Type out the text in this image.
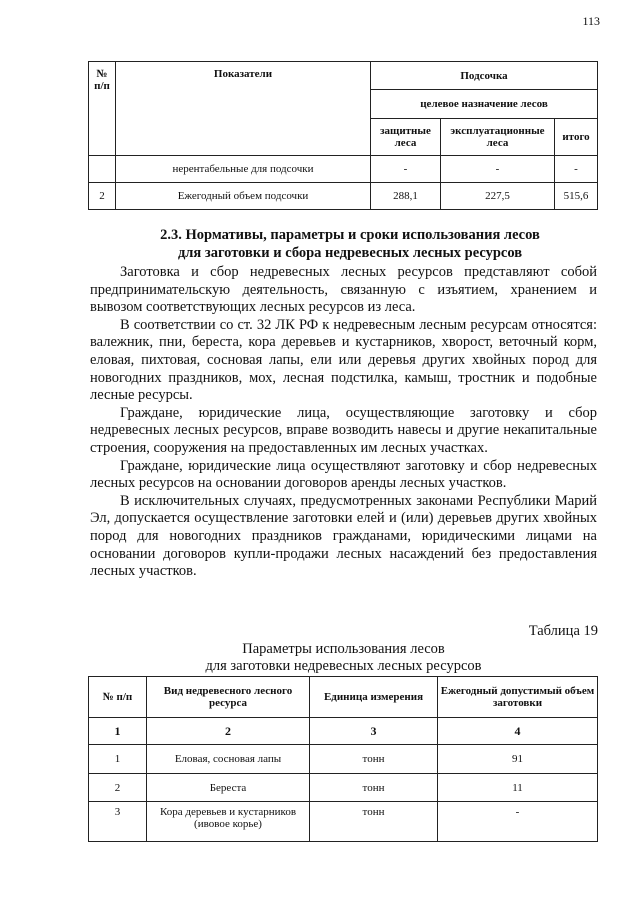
113
№ п/п	Показатели	Подсочка		
		целевое назначение лесов		
		защитные леса	эксплуатационные леса	итого
	нерентабельные для подсочки	-	-	-
2	Ежегодный объем подсочки	288,1	227,5	515,6
2.3. Нормативы, параметры и сроки использования лесов
для заготовки и сбора недревесных лесных ресурсов

Заготовка и сбор недревесных лесных ресурсов представляют собой предпринимательскую деятельность, связанную с изъятием, хранением и вывозом соответствующих лесных ресурсов из леса.

В соответствии со ст. 32 ЛК РФ к недревесным лесным ресурсам относятся: валежник, пни, береста, кора деревьев и кустарников, хворост, веточный корм, еловая, пихтовая, сосновая лапы, ели или деревья других хвойных пород для новогодних праздников, мох, лесная подстилка, камыш, тростник и подобные лесные ресурсы.

Граждане, юридические лица, осуществляющие заготовку и сбор недревесных лесных ресурсов, вправе возводить навесы и другие некапитальные строения, сооружения на предоставленных им лесных участках.

Граждане, юридические лица осуществляют заготовку и сбор недревесных лесных ресурсов на основании договоров аренды лесных участков.

В исключительных случаях, предусмотренных законами Республики Марий Эл, допускается осуществление заготовки елей и (или) деревьев других хвойных пород для новогодних праздников гражданами, юридическими лицами на основании договоров купли-продажи лесных насаждений без предоставления лесных участков.

Таблица 19
Параметры использования лесов
для заготовки недревесных лесных ресурсов
№ п/п	Вид недревесного лесного ресурса	Единица измерения	Ежегодный допустимый объем заготовки
1	2	3	4
1	Еловая, сосновая лапы	тонн	91
2	Береста	тонн	11
3	Кора деревьев и кустарников (ивовое корье)	тонн	-
